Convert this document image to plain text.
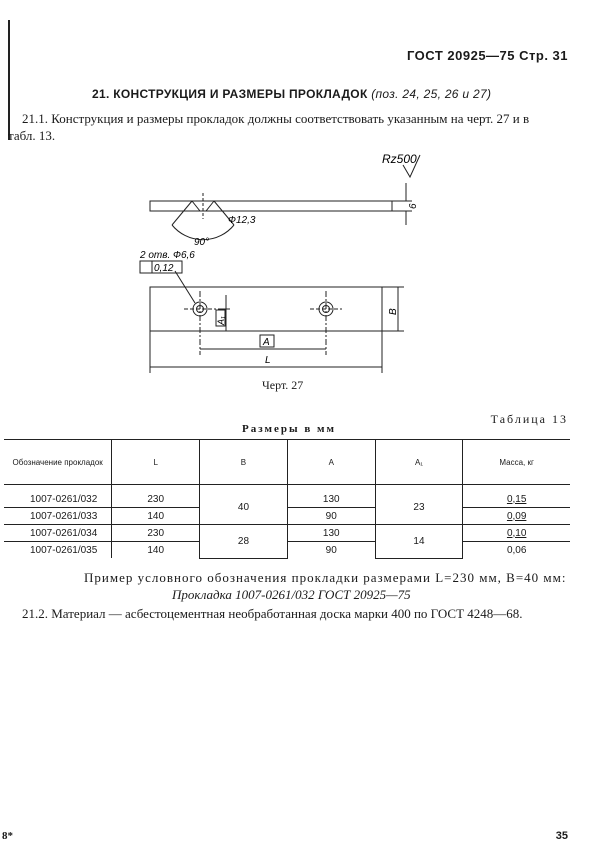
ГОСТ 20925—75 Стр. 31
21. КОНСТРУКЦИЯ И РАЗМЕРЫ ПРОКЛАДОК (поз. 24, 25, 26 и 27)
21.1. Конструкция и размеры прокладок должны соответствовать указанным на черт. 27 и в
табл. 13.
Rz500
6
Ф12,3
90°
2 отв. Ф6,6
0,12
A
A₁
L
B
Черт. 27
Таблица 13
Размеры в мм
Обозначение прокладок	L	B	A	A₁	Масса, кг
1007-0261/032	230	40	130	23	0,15
1007-0261/033	140		90		0,09
1007-0261/034	230	28	130	14	0,10
1007-0261/035	140		90		0,06
Пример условного обозначения прокладки размерами L=230 мм, B=40 мм:
Прокладка 1007-0261/032 ГОСТ 20925—75
21.2. Материал — асбестоцементная необработанная доска марки 400 по ГОСТ 4248—68.
8*	35
